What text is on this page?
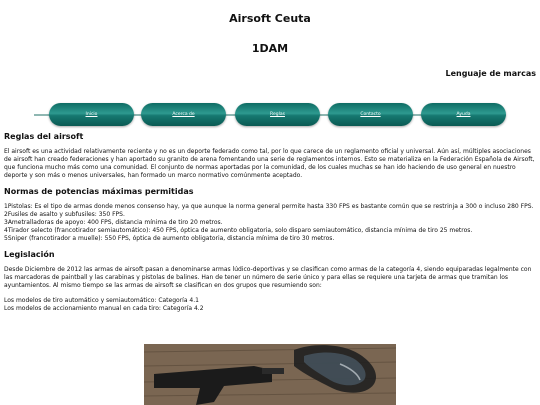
Airsoft Ceuta
1DAM
Lenguaje de marcas
Inicio	Acerca de	Reglas	Contacto	Ayuda
Reglas del airsoft

El airsoft es una actividad relativamente reciente y no es un deporte federado como tal, por lo que carece de un reglamento oficial y universal. Aún así, múltiples asociaciones de airsoft han creado federaciones y han aportado su granito de arena fomentando una serie de reglamentos internos. Esto se materializa en la Federación Española de Airsoft, que funciona mucho más como una comunidad. El conjunto de normas aportadas por la comunidad, de los cuales muchas se han ido haciendo de uso general en nuestro deporte y son más o menos universales, han formado un marco normativo comúnmente aceptado.

Normas de potencias máximas permitidas

1Pistolas: Es el tipo de armas donde menos consenso hay, ya que aunque la norma general permite hasta 330 FPS es bastante común que se restrinja a 300 o incluso 280 FPS.
2Fusiles de asalto y subfusiles: 350 FPS.
3Ametralladoras de apoyo: 400 FPS, distancia mínima de tiro 20 metros.
4Tirador selecto (francotirador semiautomático): 450 FPS, óptica de aumento obligatoria, solo disparo semiautomático, distancia mínima de tiro 25 metros.
5Sniper (francotirador a muelle): 550 FPS, óptica de aumento obligatoria, distancia mínima de tiro 30 metros.

Legislación

Desde Diciembre de 2012 las armas de airsoft pasan a denominarse armas lúdico-deportivas y se clasifican como armas de la categoría 4, siendo equiparadas legalmente con las marcadoras de paintball y las carabinas y pistolas de balines. Han de tener un número de serie único y para ellas se requiere una tarjeta de armas que tramitan los ayuntamientos. Al mismo tiempo se las armas de airsoft se clasifican en dos grupos que resumiendo son:

Los modelos de tiro automático y semiautomático: Categoría 4.1
Los modelos de accionamiento manual en cada tiro: Categoría 4.2
